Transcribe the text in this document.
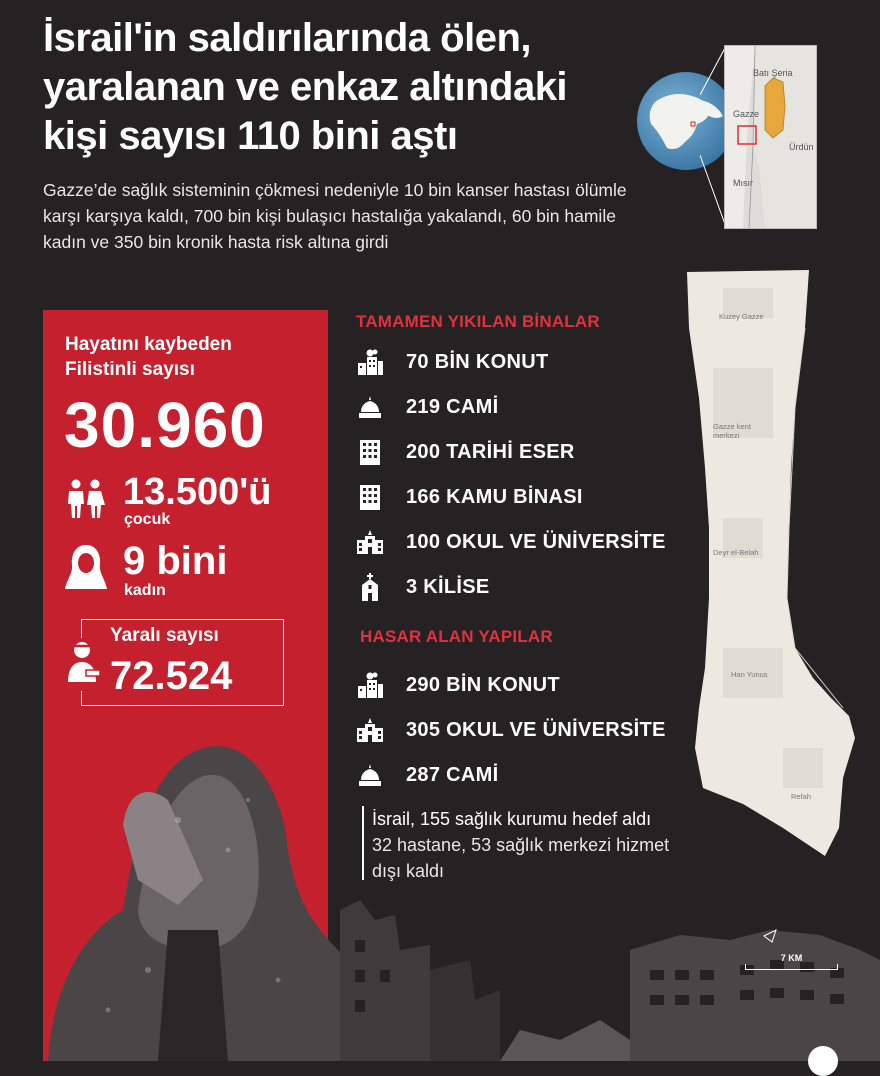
İsrail'in saldırılarında ölen, yaralanan ve enkaz altındaki kişi sayısı 110 bini aştı
Gazze’de sağlık sisteminin çökmesi nedeniyle 10 bin kanser hastası ölümle karşı karşıya kaldı, 700 bin kişi bulaşıcı hastalığa yakalandı, 60 bin hamile kadın ve 350 bin kronik hasta risk altına girdi
Batı Şeria
Gazze
Ürdün
Mısır
Hayatını kaybeden Filistinli sayısı
30.960
13.500'ü
çocuk
9 bini
kadın
Yaralı sayısı
72.524
TAMAMEN YIKILAN BİNALAR
70 BİN KONUT
219 CAMİ
200 TARİHİ ESER
166 KAMU BİNASI
100 OKUL VE ÜNİVERSİTE
3 KİLİSE
HASAR ALAN YAPILAR
290 BİN KONUT
305 OKUL VE ÜNİVERSİTE
287 CAMİ
İsrail, 155 sağlık kurumu hedef aldı
32 hastane, 53 sağlık merkezi hizmet dışı kaldı
Kuzey Gazze
Gazze kent merkezi
Deyr el-Belah
Han Yunus
Refah
7 KM
